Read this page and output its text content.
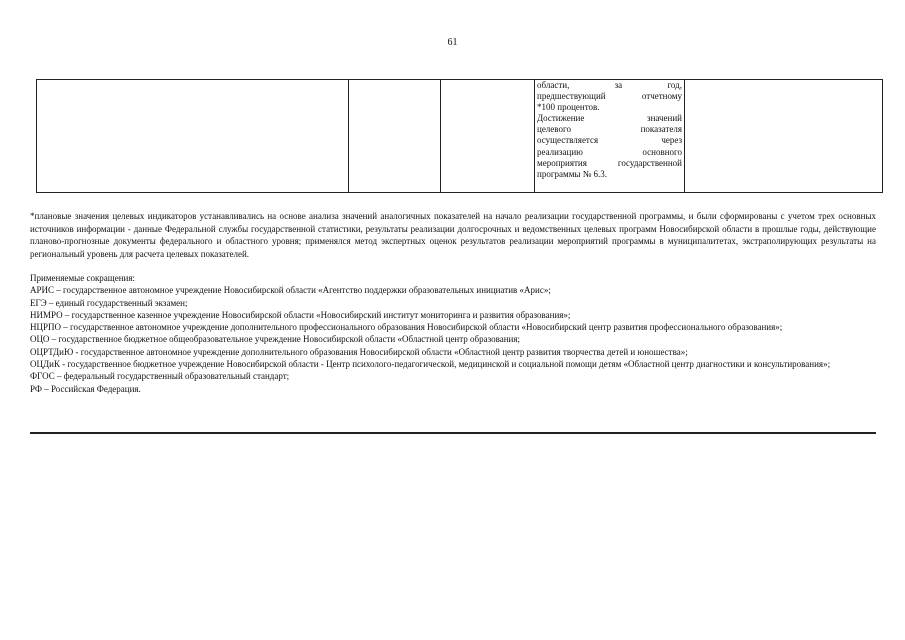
61

области, за год,
предшествующий отчетному
*100 процентов.
Достижение значений
целевого показателя
осуществляется через
реализацию основного
мероприятия государственной
программы № 6.3.

*плановые значения целевых индикаторов устанавливались на основе анализа значений аналогичных показателей на начало реализации государственной программы, и были сформированы с учетом трех основных источников информации - данные Федеральной службы государственной статистики, результаты реализации долгосрочных и ведомственных целевых программ Новосибирской области в прошлые годы, действующие планово-прогнозные документы федерального и областного уровня; применялся метод экспертных оценок результатов реализации мероприятий программы в муниципалитетах, экстраполирующих результаты на региональный уровень для расчета целевых показателей.

Применяемые сокращения:

АРИС – государственное автономное учреждение Новосибирской области «Агентство поддержки образовательных инициатив «Арис»;

ЕГЭ – единый государственный экзамен;

НИМРО – государственное казенное учреждение Новосибирской области «Новосибирский институт мониторинга и развития образования»;

НЦРПО – государственное автономное учреждение дополнительного профессионального образования Новосибирской области «Новосибирский центр развития профессионального образования»;

ОЦО – государственное бюджетное общеобразовательное учреждение Новосибирской области «Областной центр образования;

ОЦРТДиЮ - государственное автономное учреждение дополнительного образования Новосибирской области «Областной центр развития творчества детей и юношества»;

ОЦДиК - государственное бюджетное учреждение Новосибирской области - Центр психолого-педагогической, медицинской и социальной помощи детям «Областной центр диагностики и консультирования»;

ФГОС – федеральный государственный образовательный стандарт;

РФ – Российская Федерация.
